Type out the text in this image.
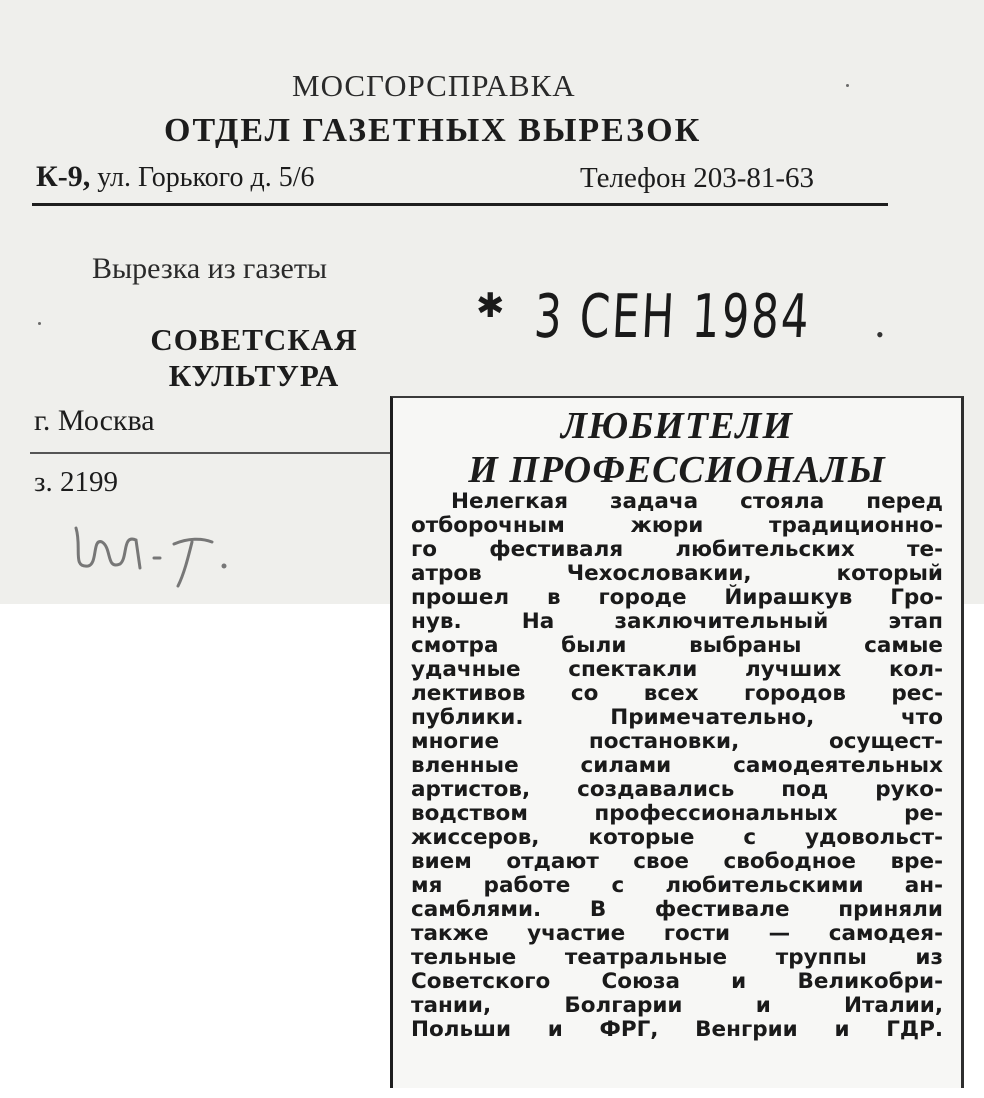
МОСГОРСПРАВКА
ОТДЕЛ ГАЗЕТНЫХ ВЫРЕЗОК
К-9, ул. Горького д. 5/6	Телефон 203-81-63
Вырезка из газеты
СОВЕТСКАЯ
КУЛЬТУРА
г. Москва
з. 2199
✱ 3 СЕН 1984	•
ЛЮБИТЕЛИ
И ПРОФЕССИОНАЛЫ
Нелегкая задача стояла перед
отборочным жюри традиционно-
го фестиваля любительских те-
атров Чехословакии, который
прошел в городе Йирашкув Гро-
нув. На заключительный этап
смотра были выбраны самые
удачные спектакли лучших кол-
лективов со всех городов рес-
публики. Примечательно, что
многие постановки, осущест-
вленные силами самодеятельных
артистов, создавались под руко-
водством профессиональных ре-
жиссеров, которые с удовольст-
вием отдают свое свободное вре-
мя работе с любительскими ан-
самблями. В фестивале приняли
также участие гости — самодея-
тельные театральные труппы из
Советского Союза и Великобри-
тании, Болгарии и Италии,
Польши и ФРГ, Венгрии и ГДР.
